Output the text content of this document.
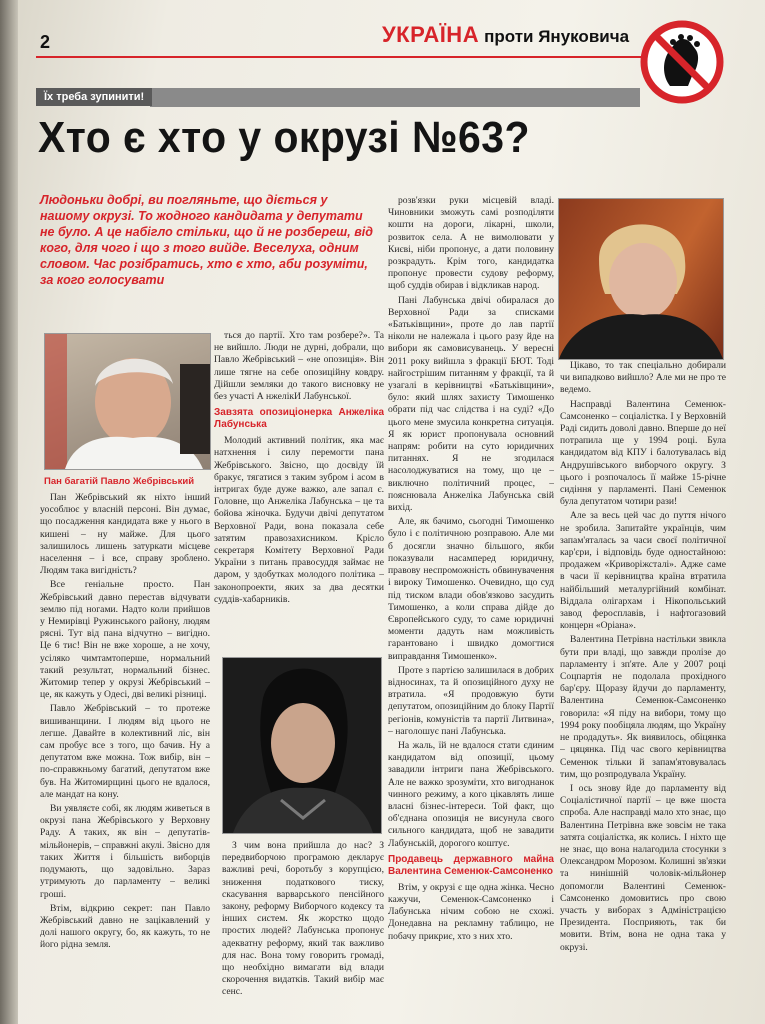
2	УКРАЇНА проти Януковича
Їх треба зупинити!
Хто є хто у окрузі №63?
Людоньки добрі, ви погляньте, що діється у нашому окрузі. То жодного кандидата у депутати не було. А це набігло стільки, що й не розбереш, від кого, для чого і що з того вийде. Веселуха, одним словом. Час розібратись, хто є хто, аби розуміти, за кого голосувати
Пан багатій Павло Жебрівський

ться до партії. Хто там розбере?». Та не вийшло. Люди не дурні, добрали, що Павло Жебрівський – «не опозиція». Він лише тягне на себе опозиційну ковдру. Дійшли земляки до такого висновку не без участі А нжелікИ Лабунської.

Завзята опозиціонерка Анжеліка Лабунська

Молодий активний політик, яка має натхнення і силу перемогти пана Жебрівського. Звісно, що досвіду їй бракує, тягатися з таким зубром і асом в інтригах буде дуже важко, але запал є. Головне, що Анжеліка Лабунська – це та бойова жіночка. Будучи двічі депутатом Верховної Ради, вона показала себе затятим правозахисником. Крісло секретаря Комітету Верховної Ради України з питань правосуддя займає не даром, у здобутках молодого політика – законопроекти, яких за два десятки суддів-хабарників.

Пан Жебрівський як ніхто інший уособлює у власній персоні. Він думає, що посадження кандидата вже у нього в кишені – ну майже. Для цього залишилось лишень затуркати місцеве населення – і все, справу зроблено. Людям така вигідність?

Все геніальне просто. Пан Жебрівський давно перестав відчувати землю під ногами. Надто коли прийшов у Немирівці Ружинського району, людям рясні. Тут від пана відчутно – вигідно. Це 6 тис! Він не вже хороше, а не хочу, усіляко чимтамтоперше, нормальний такий результат, нормальний бізнес. Житомир тепер у окрузі Жебрівський – це, як кажуть у Одесі, дві великі різниці.

Павло Жебрівський – то протеже вишиванщини. І людям від цього не легше. Давайте в колективний ліс, він сам пробує все з того, що бачив. Ну а депутатом вже можна. Тож вибір, він – по-справжньому багатий, депутатом вже був. На Житомирщині цього не вдалося, але мандат на кону.

Ви уявляєте собі, як людям живеться в окрузі пана Жебрівського у Верховну Раду. А таких, як він – депутатів-мільйонерів, – справжні акулі. Звісно для таких Життя і більшість виборців подумають, що задовільно. Зараз утримують до парламенту – великі гроші.

Втім, відкрию секрет: пан Павло Жебрівський давно не зацікавлений у долі нашого округу, бо, як кажуть, то не його рідна земля.

З чим вона прийшла до нас? З передвиборчою програмою декларує важливі речі, боротьбу з корупцією, зниження податкового тиску, скасування варварського пенсійного закону, реформу Виборчого кодексу та інших систем. Як жорстко щодо простих людей? Лабунська пропонує адекватну реформу, який так важливо для нас. Вона тому говорить громаді, що необхідно вимагати від влади скорочення видатків. Такий вибір має сенс.

розв'язки руки місцевій владі. Чиновники зможуть самі розподіляти кошти на дороги, лікарні, школи, розвиток села. А не вимолювати у Києві, ніби пропонує, а дати половину розкрадуть. Крім того, кандидатка пропонує провести судову реформу, щоб суддів обирав і відкликав народ.

Пані Лабунська двічі обиралася до Верховної Ради за списками «Батьківщини», проте до лав партії ніколи не належала і цього разу йде на вибори як самовисуванець. У вересні 2011 року вийшла з фракції БЮТ. Тоді найгострішим питанням у фракції, та й узагалі в керівництві «Батьківщини», було: який шлях захисту Тимошенко обрати під час слідства і на суді? «До цього мене змусила конкретна ситуація. Я як юрист пропонувала основний напрям: робити на суто юридичних питаннях. Я не згодилася насолоджуватися на тому, що це – виключно політичний процес, – пояснювала Анжеліка Лабунська свій вихід.

Але, як бачимо, сьогодні Тимошенко було і є політичною розправою. Але ми б досягли значно більшого, якби показували насамперед юридичну, правову неспроможність обвинувачення і вироку Тимошенко. Очевидно, що суд під тиском влади обов'язково засудить Тимошенко, а коли справа дійде до Європейського суду, то саме юридичні моменти дадуть нам можливість гарантовано і швидко домогтися виправдання Тимошенко».

Проте з партією залишилася в добрих відносинах, та й опозиційного духу не втратила. «Я продовжую бути депутатом, опозиційним до блоку Партії регіонів, комуністів та партії Литвина», – наголошує пані Лабунська.

На жаль, їй не вдалося стати єдиним кандидатом від опозиції, цьому завадили інтриги пана Жебрівського. Але не важко зрозуміти, хто вигоднанок чинного режиму, а кого цікавлять лише власні бізнес-інтереси. Той факт, що об'єднана опозиція не висунула свого сильного кандидата, щоб не завадити Лабунській, дорогого коштує.

Продавець державного майна Валентина Семенюк-Самсоненко

Втім, у окрузі є ще одна жінка. Чесно кажучи, Семенюк-Самсоненко і Лабунська нічим собою не схожі. Донедавна на рекламну таблицю, не побачу прикриє, хто з них хто.

Цікаво, то так спеціально добирали чи випадково вийшло? Але ми не про те ведемо.

Насправді Валентина Семенюк-Самсоненко – соціалістка. І у Верховній Раді сидить доволі давно. Вперше до неї потрапила ще у 1994 році. Була кандидатом від КПУ і балотувалась від Андрушівського виборчого округу. З цього і розпочалось її майже 15-річне сидіння у парламенті. Пані Семенюк була депутатом чотири рази!

Але за весь цей час до пуття нічого не зробила. Запитайте українців, чим запам'яталась за часи своєї політичної кар'єри, і відповідь буде одностайною: продажем «Криворіжсталі». Адже саме в часи її керівництва країна втратила найбільший металургійний комбінат. Віддала олігархам і Нікопольський завод феросплавів, і нафтогазовий концерн «Оріана».

Валентина Петрівна настільки звикла бути при владі, що завжди пролізе до парламенту і зп'яте. Але у 2007 році Соцпартія не подолала прохідного бар'єру. Щоразу йдучи до парламенту, Валентина Семенюк-Самсоненко говорила: «Я піду на вибори, тому що 1994 року пообіцяла людям, що Україну не продадуть». Як виявилось, обіцянка – цяцянка. Під час свого керівництва Семенюк тільки й запам'ятовувалась тим, що розпродувала Україну.

І ось знову йде до парламенту від Соціалістичної партії – це вже шоста спроба. Але насправді мало хто знає, що Валентина Петрівна вже зовсім не така затята соціалістка, як колись. І ніхто ще не знає, що вона налагодила стосунки з Олександром Морозом. Колишні зв'язки та нинішній чоловік-мільйонер допомогли Валентині Семенюк-Самсоненко домовитись про свою участь у виборах з Адміністрацією Президента. Посприяють, так би мовити. Втім, вона не одна така у окрузі.
